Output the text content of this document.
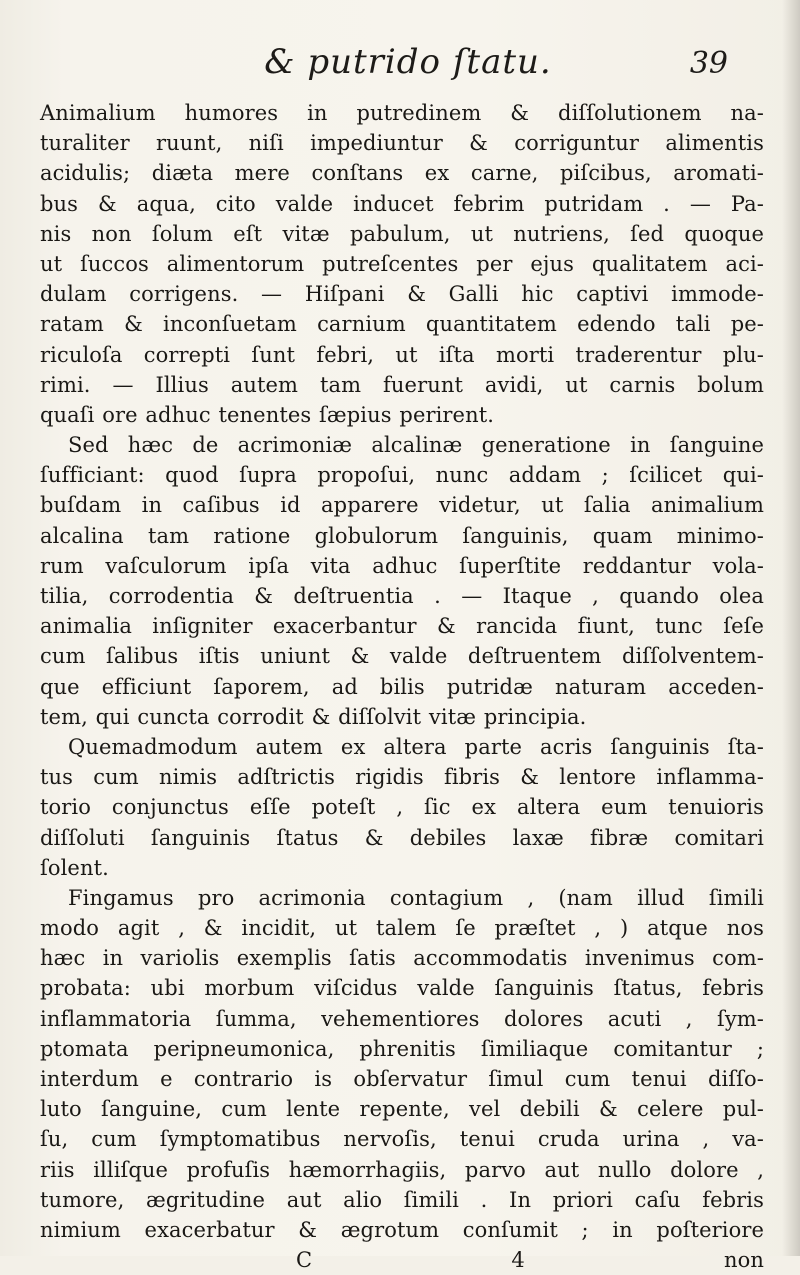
& putrido ſtatu.	39
Animalium humores in putredinem & diſſolutionem na-
turaliter ruunt, niſi impediuntur & corriguntur alimentis
acidulis; diæta mere conſtans ex carne, piſcibus, aromati-
bus & aqua, cito valde inducet febrim putridam . — Pa-
nis non ſolum eſt vitæ pabulum, ut nutriens, ſed quoque
ut ſuccos alimentorum putreſcentes per ejus qualitatem aci-
dulam corrigens. — Hiſpani & Galli hic captivi immode-
ratam & inconſuetam carnium quantitatem edendo tali pe-
riculoſa correpti ſunt febri, ut iſta morti traderentur plu-
rimi. — Illius autem tam fuerunt avidi, ut carnis bolum
quaſi ore adhuc tenentes ſæpius perirent.
Sed hæc de acrimoniæ alcalinæ generatione in ſanguine
ſufficiant: quod ſupra propoſui, nunc addam ; ſcilicet qui-
buſdam in caſibus id apparere videtur, ut ſalia animalium
alcalina tam ratione globulorum ſanguinis, quam minimo-
rum vaſculorum ipſa vita adhuc ſuperſtite reddantur vola-
tilia, corrodentia & deſtruentia . — Itaque , quando olea
animalia inſigniter exacerbantur & rancida fiunt, tunc ſeſe
cum ſalibus iſtis uniunt & valde deſtruentem diſſolventem-
que efficiunt ſaporem, ad bilis putridæ naturam acceden-
tem, qui cunctа corrodit & diſſolvit vitæ principia.
Quemadmodum autem ex altera parte acris ſanguinis ſta-
tus cum nimis adſtrictis rigidis fibris & lentore inflamma-
torio conjunctus eſſe poteſt , ſic ex altera eum tenuioris
diſſoluti ſanguinis ſtatus & debiles laxæ fibræ comitari
ſolent.
Fingamus pro acrimonia contagium , (nam illud ſimili
modo agit , & incidit, ut talem ſe præſtet , ) atque nos
hæc in variolis exemplis ſatis accommodatis invenimus com-
probata: ubi morbum viſcidus valde ſanguinis ſtatus, febris
inflammatoria ſumma, vehementiores dolores acuti , ſym-
ptomata peripneumonica, phrenitis ſimiliaque comitantur ;
interdum e contrario is obſervatur ſimul cum tenui diſſo-
luto ſanguine, cum lente repente, vel debili & celere pul-
ſu, cum ſymptomatibus nervoſis, tenui cruda urina , va-
riis illiſque profuſis hæmorrhagiis, parvo aut nullo dolore ,
tumore, ægritudine aut alio ſimili . In priori caſu febris
nimium exacerbatur & ægrotum conſumit ; in poſteriore
C 4	non
